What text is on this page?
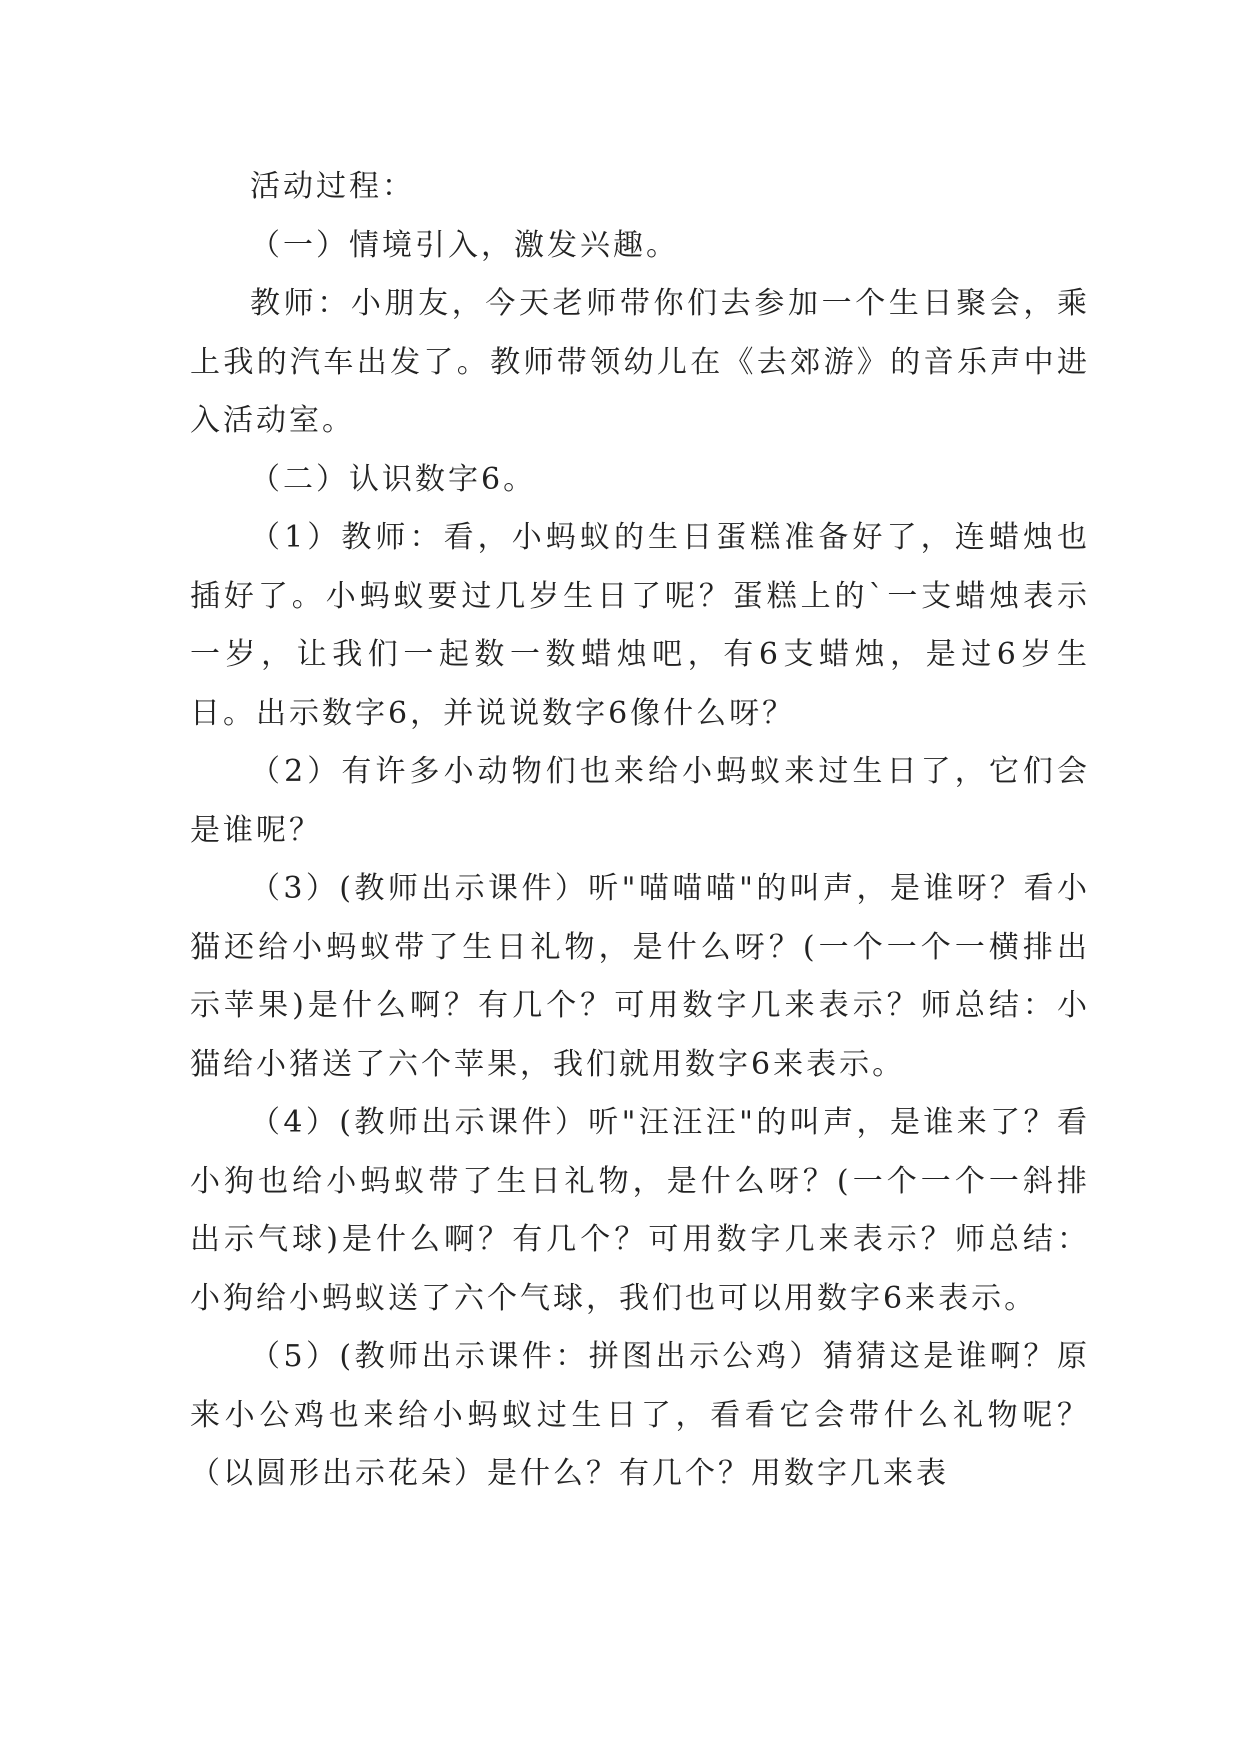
活动过程：

（一）情境引入，激发兴趣。

教师：小朋友，今天老师带你们去参加一个生日聚会，乘上我的汽车出发了。教师带领幼儿在《去郊游》的音乐声中进入活动室。

（二）认识数字6。

（1）教师：看，小蚂蚁的生日蛋糕准备好了，连蜡烛也插好了。小蚂蚁要过几岁生日了呢？蛋糕上的`一支蜡烛表示一岁，让我们一起数一数蜡烛吧，有6支蜡烛，是过6岁生日。出示数字6，并说说数字6像什么呀？

（2）有许多小动物们也来给小蚂蚁来过生日了，它们会是谁呢？

（3）(教师出示课件）听"喵喵喵"的叫声，是谁呀？看小猫还给小蚂蚁带了生日礼物，是什么呀？(一个一个一横排出示苹果)是什么啊？有几个？可用数字几来表示？师总结：小猫给小猪送了六个苹果，我们就用数字6来表示。

（4）(教师出示课件）听"汪汪汪"的叫声，是谁来了？看小狗也给小蚂蚁带了生日礼物，是什么呀？(一个一个一斜排出示气球)是什么啊？有几个？可用数字几来表示？师总结：小狗给小蚂蚁送了六个气球，我们也可以用数字6来表示。

（5）(教师出示课件：拼图出示公鸡）猜猜这是谁啊？原来小公鸡也来给小蚂蚁过生日了，看看它会带什么礼物呢？（以圆形出示花朵）是什么？有几个？用数字几来表
